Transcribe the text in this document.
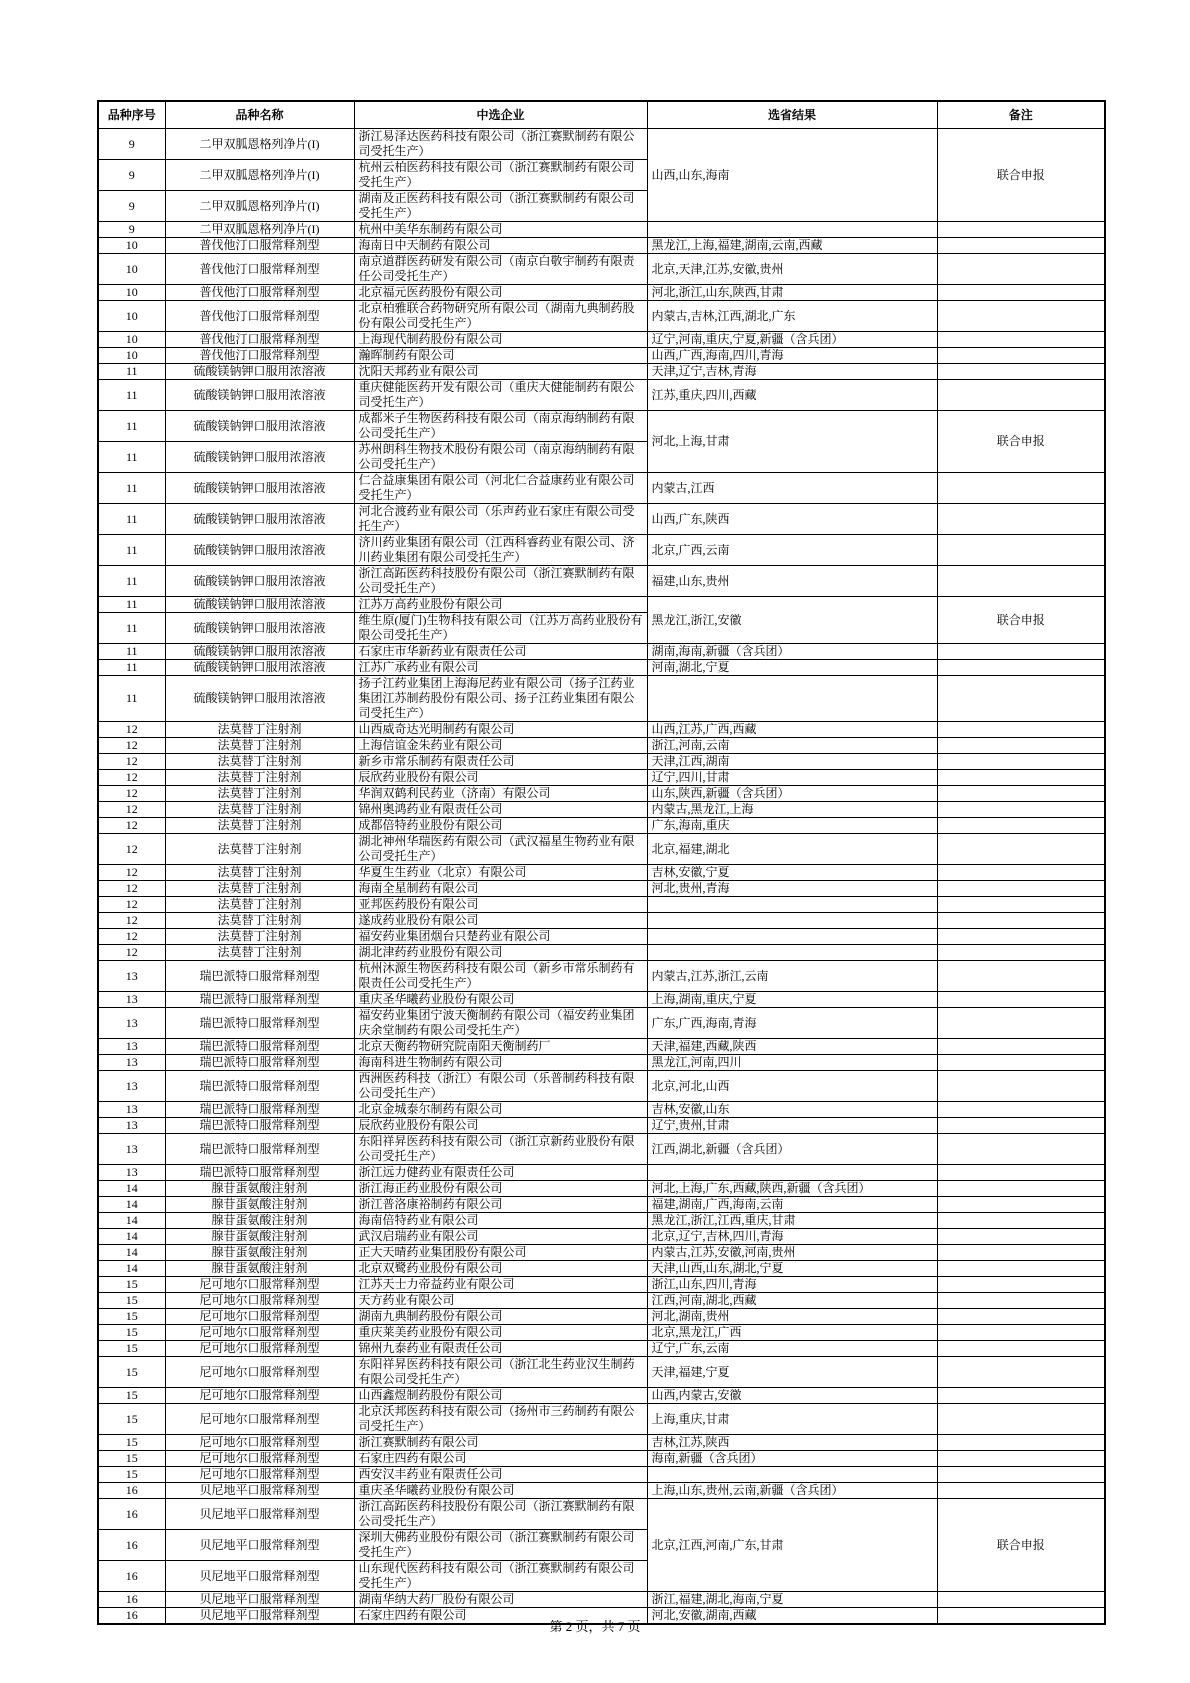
品种序号	品种名称	中选企业	选省结果	备注
9	二甲双胍恩格列净片(I)	浙江易泽达医药科技有限公司（浙江赛默制药有限公司受托生产）	山西,山东,海南	联合申报
9	二甲双胍恩格列净片(I)	杭州云柏医药科技有限公司（浙江赛默制药有限公司受托生产）		
9	二甲双胍恩格列净片(I)	湖南及正医药科技有限公司（浙江赛默制药有限公司受托生产）		
9	二甲双胍恩格列净片(I)	杭州中美华东制药有限公司		
10	普伐他汀口服常释剂型	海南日中天制药有限公司	黑龙江,上海,福建,湖南,云南,西藏	
10	普伐他汀口服常释剂型	南京道群医药研发有限公司（南京白敬宇制药有限责任公司受托生产）	北京,天津,江苏,安徽,贵州	
10	普伐他汀口服常释剂型	北京福元医药股份有限公司	河北,浙江,山东,陕西,甘肃	
10	普伐他汀口服常释剂型	北京柏雅联合药物研究所有限公司（湖南九典制药股份有限公司受托生产）	内蒙古,吉林,江西,湖北,广东	
10	普伐他汀口服常释剂型	上海现代制药股份有限公司	辽宁,河南,重庆,宁夏,新疆（含兵团）	
10	普伐他汀口服常释剂型	瀚晖制药有限公司	山西,广西,海南,四川,青海	
11	硫酸镁钠钾口服用浓溶液	沈阳天邦药业有限公司	天津,辽宁,吉林,青海	
11	硫酸镁钠钾口服用浓溶液	重庆健能医药开发有限公司（重庆大健能制药有限公司受托生产）	江苏,重庆,四川,西藏	
11	硫酸镁钠钾口服用浓溶液	成都米子生物医药科技有限公司（南京海纳制药有限公司受托生产）	河北,上海,甘肃	联合申报
11	硫酸镁钠钾口服用浓溶液	苏州朗科生物技术股份有限公司（南京海纳制药有限公司受托生产）		
11	硫酸镁钠钾口服用浓溶液	仁合益康集团有限公司（河北仁合益康药业有限公司受托生产）	内蒙古,江西	
11	硫酸镁钠钾口服用浓溶液	河北合渡药业有限公司（乐声药业石家庄有限公司受托生产）	山西,广东,陕西	
11	硫酸镁钠钾口服用浓溶液	济川药业集团有限公司（江西科睿药业有限公司、济川药业集团有限公司受托生产）	北京,广西,云南	
11	硫酸镁钠钾口服用浓溶液	浙江高跖医药科技股份有限公司（浙江赛默制药有限公司受托生产）	福建,山东,贵州	
11	硫酸镁钠钾口服用浓溶液	江苏万高药业股份有限公司	黑龙江,浙江,安徽	联合申报
11	硫酸镁钠钾口服用浓溶液	维生原(厦门)生物科技有限公司（江苏万高药业股份有限公司受托生产）		
11	硫酸镁钠钾口服用浓溶液	石家庄市华新药业有限责任公司	湖南,海南,新疆（含兵团）	
11	硫酸镁钠钾口服用浓溶液	江苏广承药业有限公司	河南,湖北,宁夏	
11	硫酸镁钠钾口服用浓溶液	扬子江药业集团上海海尼药业有限公司（扬子江药业集团江苏制药股份有限公司、扬子江药业集团有限公司受托生产）		
12	法莫替丁注射剂	山西威奇达光明制药有限公司	山西,江苏,广西,西藏	
12	法莫替丁注射剂	上海信谊金朱药业有限公司	浙江,河南,云南	
12	法莫替丁注射剂	新乡市常乐制药有限责任公司	天津,江西,湖南	
12	法莫替丁注射剂	辰欣药业股份有限公司	辽宁,四川,甘肃	
12	法莫替丁注射剂	华润双鹤利民药业（济南）有限公司	山东,陕西,新疆（含兵团）	
12	法莫替丁注射剂	锦州奥鸿药业有限责任公司	内蒙古,黑龙江,上海	
12	法莫替丁注射剂	成都倍特药业股份有限公司	广东,海南,重庆	
12	法莫替丁注射剂	湖北神州华瑞医药有限公司（武汉福星生物药业有限公司受托生产）	北京,福建,湖北	
12	法莫替丁注射剂	华夏生生药业（北京）有限公司	吉林,安徽,宁夏	
12	法莫替丁注射剂	海南全星制药有限公司	河北,贵州,青海	
12	法莫替丁注射剂	亚邦医药股份有限公司		
12	法莫替丁注射剂	遂成药业股份有限公司		
12	法莫替丁注射剂	福安药业集团烟台只楚药业有限公司		
12	法莫替丁注射剂	湖北津药药业股份有限公司		
13	瑞巴派特口服常释剂型	杭州沐源生物医药科技有限公司（新乡市常乐制药有限责任公司受托生产）	内蒙古,江苏,浙江,云南	
13	瑞巴派特口服常释剂型	重庆圣华曦药业股份有限公司	上海,湖南,重庆,宁夏	
13	瑞巴派特口服常释剂型	福安药业集团宁波天衡制药有限公司（福安药业集团庆余堂制药有限公司受托生产）	广东,广西,海南,青海	
13	瑞巴派特口服常释剂型	北京天衡药物研究院南阳天衡制药厂	天津,福建,西藏,陕西	
13	瑞巴派特口服常释剂型	海南科进生物制药有限公司	黑龙江,河南,四川	
13	瑞巴派特口服常释剂型	西洲医药科技（浙江）有限公司（乐普制药科技有限公司受托生产）	北京,河北,山西	
13	瑞巴派特口服常释剂型	北京金城泰尔制药有限公司	吉林,安徽,山东	
13	瑞巴派特口服常释剂型	辰欣药业股份有限公司	辽宁,贵州,甘肃	
13	瑞巴派特口服常释剂型	东阳祥昇医药科技有限公司（浙江京新药业股份有限公司受托生产）	江西,湖北,新疆（含兵团）	
13	瑞巴派特口服常释剂型	浙江远力健药业有限责任公司		
14	腺苷蛋氨酸注射剂	浙江海正药业股份有限公司	河北,上海,广东,西藏,陕西,新疆（含兵团）	
14	腺苷蛋氨酸注射剂	浙江普洛康裕制药有限公司	福建,湖南,广西,海南,云南	
14	腺苷蛋氨酸注射剂	海南倍特药业有限公司	黑龙江,浙江,江西,重庆,甘肃	
14	腺苷蛋氨酸注射剂	武汉启瑞药业有限公司	北京,辽宁,吉林,四川,青海	
14	腺苷蛋氨酸注射剂	正大天晴药业集团股份有限公司	内蒙古,江苏,安徽,河南,贵州	
14	腺苷蛋氨酸注射剂	北京双鹭药业股份有限公司	天津,山西,山东,湖北,宁夏	
15	尼可地尔口服常释剂型	江苏天士力帝益药业有限公司	浙江,山东,四川,青海	
15	尼可地尔口服常释剂型	天方药业有限公司	江西,河南,湖北,西藏	
15	尼可地尔口服常释剂型	湖南九典制药股份有限公司	河北,湖南,贵州	
15	尼可地尔口服常释剂型	重庆莱美药业股份有限公司	北京,黑龙江,广西	
15	尼可地尔口服常释剂型	锦州九泰药业有限责任公司	辽宁,广东,云南	
15	尼可地尔口服常释剂型	东阳祥昇医药科技有限公司（浙江北生药业汉生制药有限公司受托生产）	天津,福建,宁夏	
15	尼可地尔口服常释剂型	山西鑫煜制药股份有限公司	山西,内蒙古,安徽	
15	尼可地尔口服常释剂型	北京沃邦医药科技有限公司（扬州市三药制药有限公司受托生产）	上海,重庆,甘肃	
15	尼可地尔口服常释剂型	浙江赛默制药有限公司	吉林,江苏,陕西	
15	尼可地尔口服常释剂型	石家庄四药有限公司	海南,新疆（含兵团）	
15	尼可地尔口服常释剂型	西安汉丰药业有限责任公司		
16	贝尼地平口服常释剂型	重庆圣华曦药业股份有限公司	上海,山东,贵州,云南,新疆（含兵团）	
16	贝尼地平口服常释剂型	浙江高跖医药科技股份有限公司（浙江赛默制药有限公司受托生产）	北京,江西,河南,广东,甘肃	联合申报
16	贝尼地平口服常释剂型	深圳大佛药业股份有限公司（浙江赛默制药有限公司受托生产）		
16	贝尼地平口服常释剂型	山东现代医药科技有限公司（浙江赛默制药有限公司受托生产）		
16	贝尼地平口服常释剂型	湖南华纳大药厂股份有限公司	浙江,福建,湖北,海南,宁夏	
16	贝尼地平口服常释剂型	石家庄四药有限公司	河北,安徽,湖南,西藏	
第 2 页，共 7 页
